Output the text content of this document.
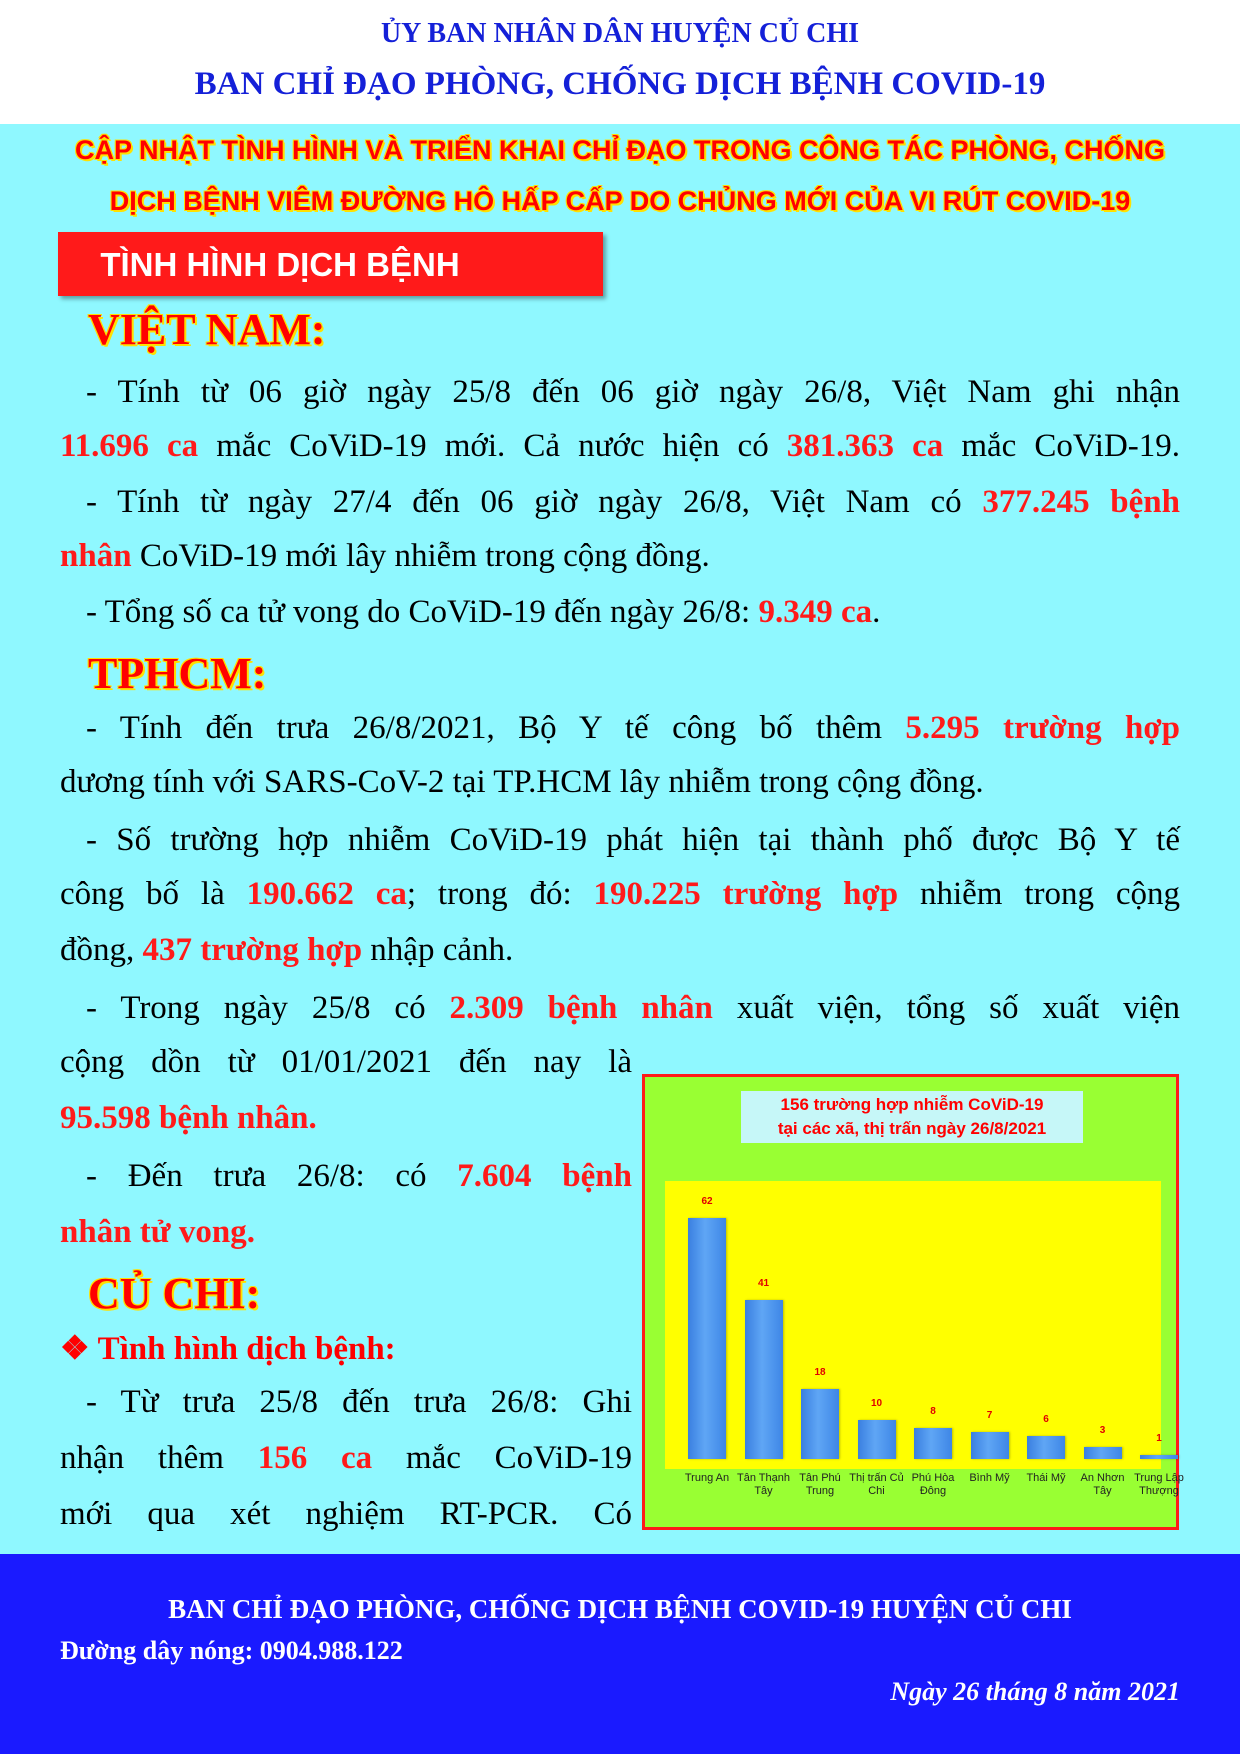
ỦY BAN NHÂN DÂN HUYỆN CỦ CHI
BAN CHỈ ĐẠO PHÒNG, CHỐNG DỊCH BỆNH COVID-19
CẬP NHẬT TÌNH HÌNH VÀ TRIỂN KHAI CHỈ ĐẠO TRONG CÔNG TÁC PHÒNG, CHỐNG
DỊCH BỆNH VIÊM ĐƯỜNG HÔ HẤP CẤP DO CHỦNG MỚI CỦA VI RÚT COVID-19
TÌNH HÌNH DỊCH BỆNH
VIỆT NAM:
- Tính từ 06 giờ ngày 25/8 đến 06 giờ ngày 26/8, Việt Nam ghi nhận
11.696 ca mắc CoViD-19 mới. Cả nước hiện có 381.363 ca mắc CoViD-19.
- Tính từ ngày 27/4 đến 06 giờ ngày 26/8, Việt Nam có 377.245 bệnh
nhân CoViD-19 mới lây nhiễm trong cộng đồng.
- Tổng số ca tử vong do CoViD-19 đến ngày 26/8: 9.349 ca.
TPHCM:
- Tính đến trưa 26/8/2021, Bộ Y tế công bố thêm 5.295 trường hợp
dương tính với SARS-CoV-2 tại TP.HCM lây nhiễm trong cộng đồng.
- Số trường hợp nhiễm CoViD-19 phát hiện tại thành phố được Bộ Y tế
công bố là 190.662 ca; trong đó: 190.225 trường hợp nhiễm trong cộng
đồng, 437 trường hợp nhập cảnh.
- Trong ngày 25/8 có 2.309 bệnh nhân xuất viện, tổng số xuất viện
cộng dồn từ 01/01/2021 đến nay là
95.598 bệnh nhân.
- Đến trưa 26/8: có 7.604 bệnh
nhân tử vong.
CỦ CHI:
❖ Tình hình dịch bệnh:
- Từ trưa 25/8 đến trưa 26/8: Ghi
nhận thêm 156 ca mắc CoViD-19
mới qua xét nghiệm RT-PCR. Có
156 trường hợp nhiễm CoViD-19
tại các xã, thị trấn ngày 26/8/2021
62
41
18
10
8	7	6
3
1
Trung An Tân Thạnh Tây
Tân Phú Trung
Thị trấn Củ Chi
Phú Hòa Đông
Bình Mỹ	Thái Mỹ	An Nhơn Tây
Trung Lập Thượng
BAN CHỈ ĐẠO PHÒNG, CHỐNG DỊCH BỆNH COVID-19 HUYỆN CỦ CHI
Đường dây nóng: 0904.988.122
Ngày 26 tháng 8 năm 2021
